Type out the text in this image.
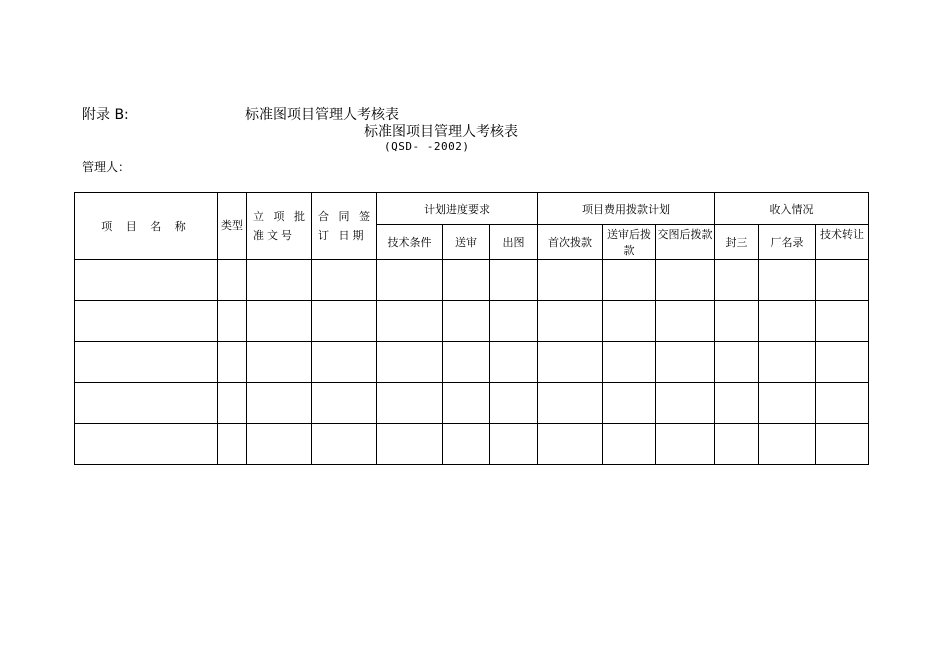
附录 B:	标准图项目管理人考核表
标准图项目管理人考核表
(QSD- -2002)
管理人：
项 目 名 称	类型	立 项 批 准文号	合 同 签 订 日期	计划进度要求			项目费用拨款计划			收入情况		
				技术条件	送审	出图	首次拨款	送审后拨款	交图后拨款	封三	厂名录	技术转让
